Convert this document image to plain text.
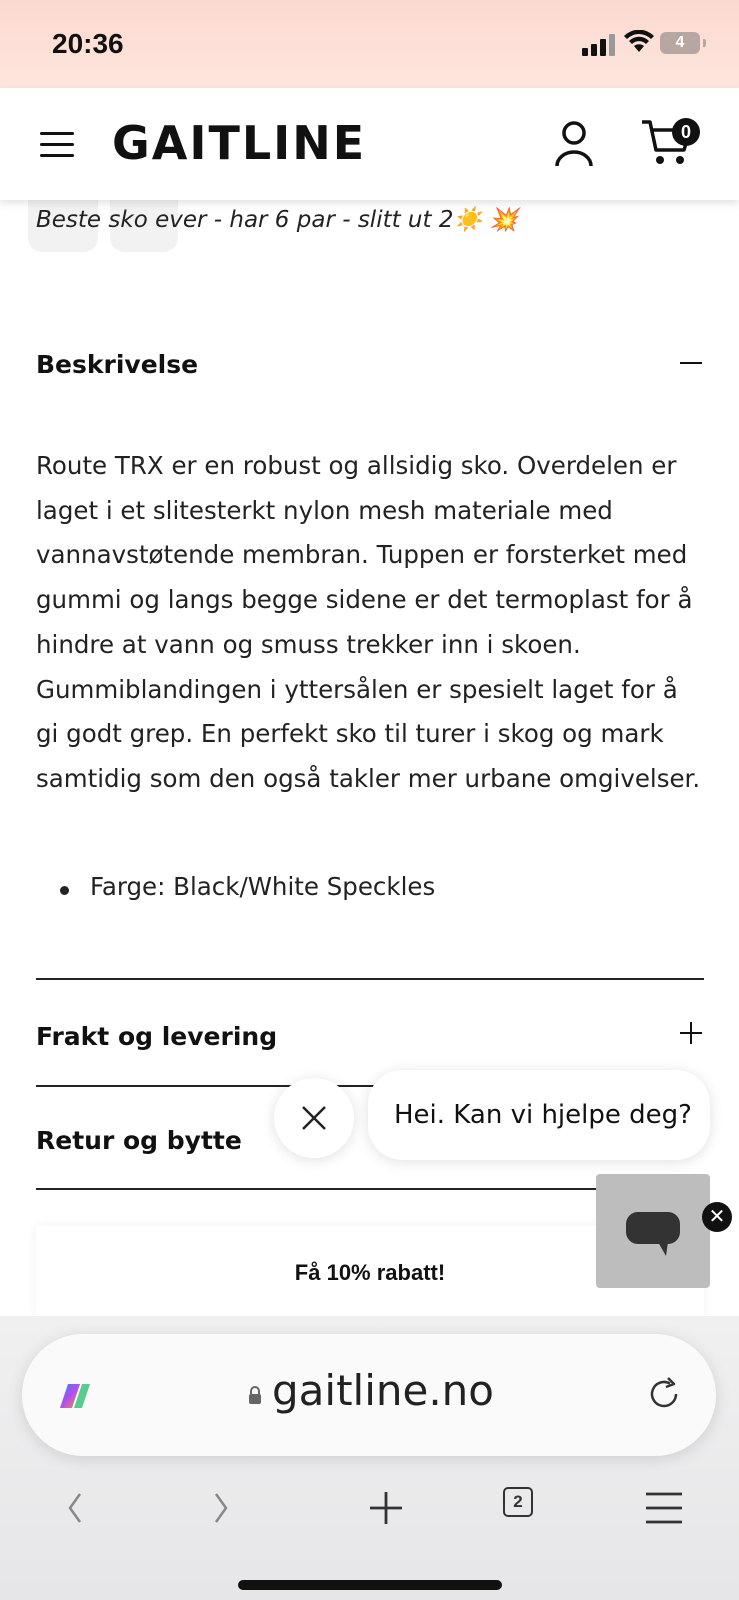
20:36	4
GAITLINE	0
Beste sko ever - har 6 par - slitt ut 2☀️ 💥
Beskrivelse

Route TRX er en robust og allsidig sko. Overdelen er laget i et slitesterkt nylon mesh materiale med vannavstøtende membran. Tuppen er forsterket med gummi og langs begge sidene er det termoplast for å hindre at vann og smuss trekker inn i skoen. Gummiblandingen i yttersålen er spesielt laget for å gi godt grep. En perfekt sko til turer i skog og mark samtidig som den også takler mer urbane omgivelser.

Farge: Black/White Speckles
Frakt og levering
Retur og bytte
Få 10% rabatt!
✕
Hei. Kan vi hjelpe deg?
gaitline.no
2
